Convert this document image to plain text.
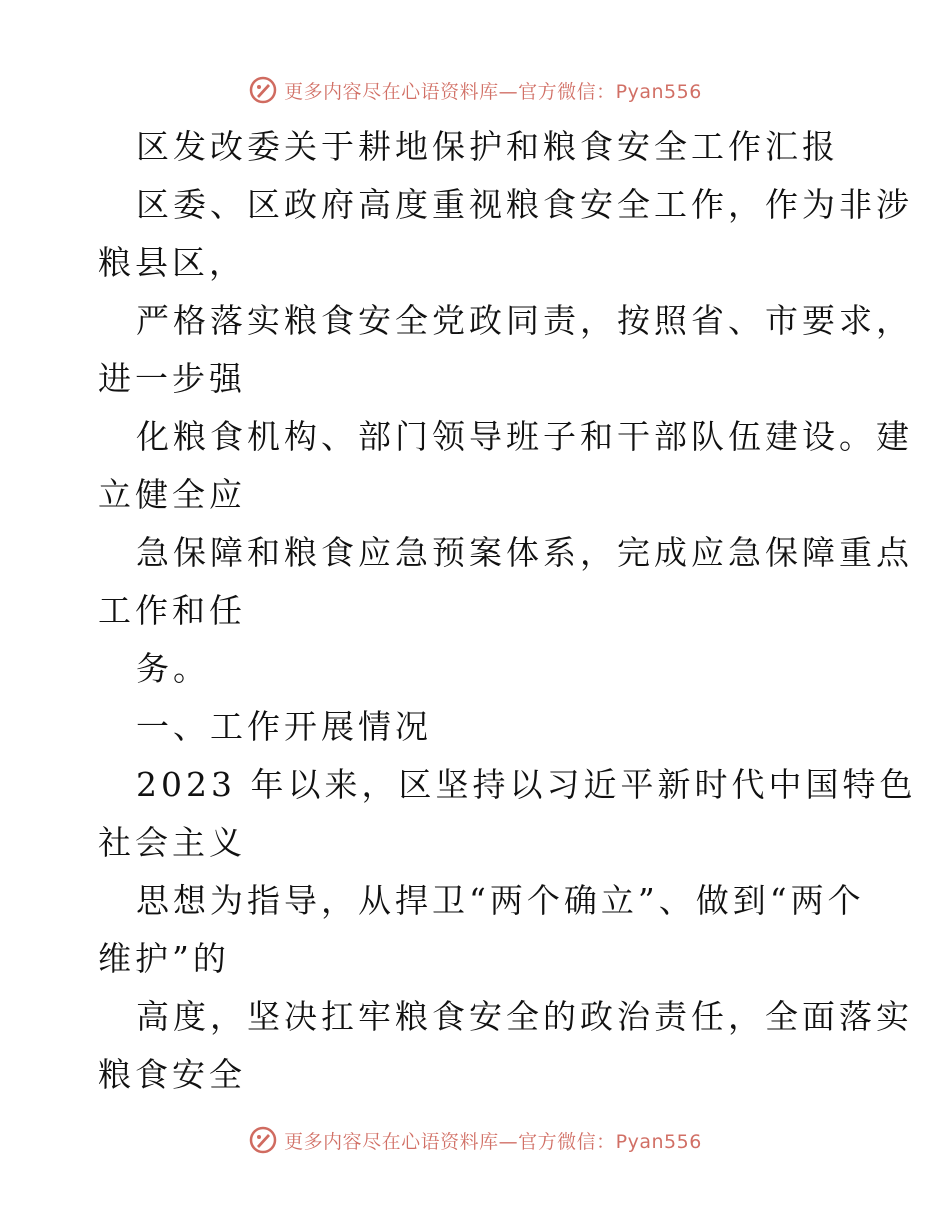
更多内容尽在心语资料库—官方微信：Pyan556
区发改委关于耕地保护和粮食安全工作汇报
区委、区政府高度重视粮食安全工作，作为非涉
粮县区，
严格落实粮食安全党政同责，按照省、市要求，
进一步强
化粮食机构、部门领导班子和干部队伍建设。建
立健全应
急保障和粮食应急预案体系，完成应急保障重点
工作和任
务。
一、工作开展情况
2023 年以来，区坚持以习近平新时代中国特色
社会主义
思想为指导，从捍卫“两个确立”、做到“两个
维护”的
高度，坚决扛牢粮食安全的政治责任，全面落实
粮食安全
更多内容尽在心语资料库—官方微信：Pyan556
